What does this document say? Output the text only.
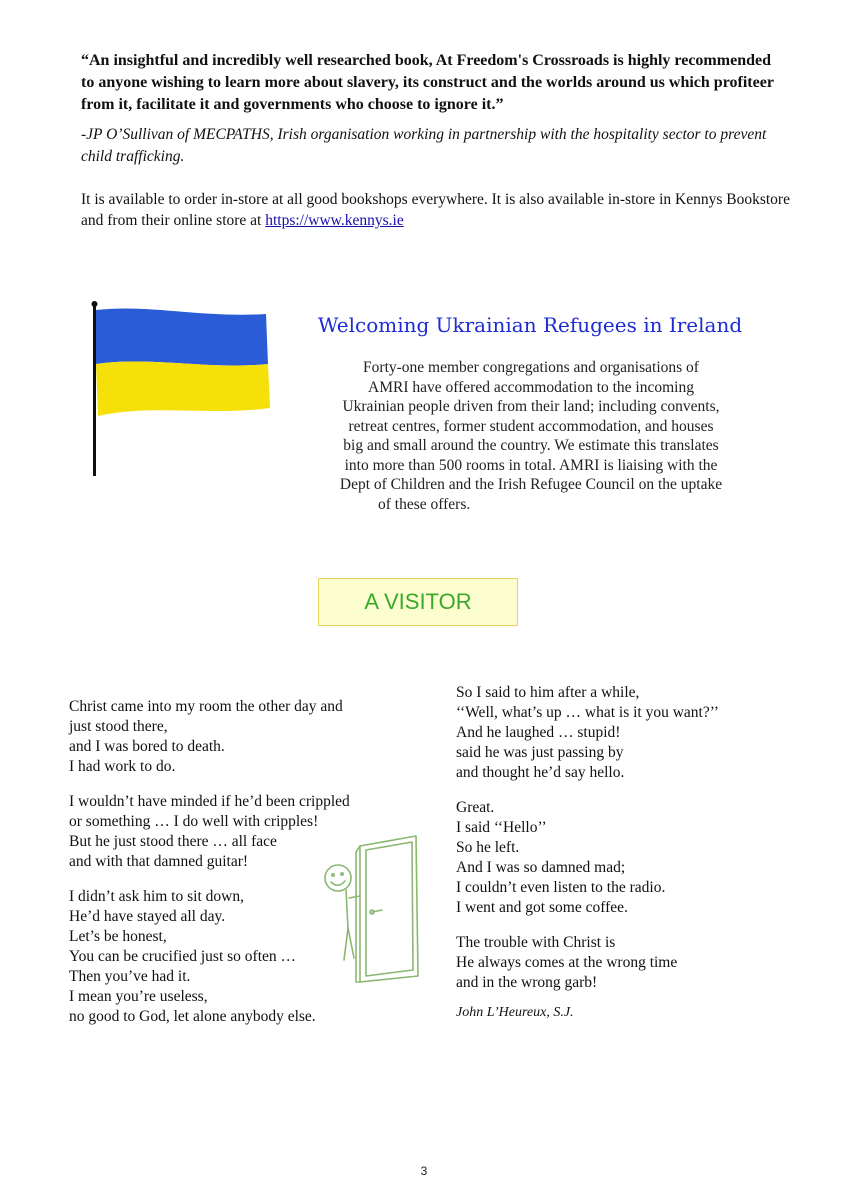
“An insightful and incredibly well researched book, At Freedom's Crossroads is highly recommended to anyone wishing to learn more about slavery, its construct and the worlds around us which profiteer from it, facilitate it and governments who choose to ignore it.”
-JP O’Sullivan of MECPATHS, Irish organisation working in partnership with the hospitality sector to prevent child trafficking.
It is available to order in-store at all good bookshops everywhere. It is also available in-store in Kennys Bookstore and from their online store at https://www.kennys.ie
Welcoming Ukrainian Refugees in Ireland
Forty-one member congregations and organisations of
AMRI have offered accommodation to the incoming
Ukrainian people driven from their land; including convents,
retreat centres, former student accommodation, and houses
big and small around the country. We estimate this translates
into more than 500 rooms in total. AMRI is liaising with the
Dept of Children and the Irish Refugee Council on the uptake
of these offers.
A VISITOR
Christ came into my room the other day and
just stood there,
and I was bored to death.
I had work to do.
I wouldn’t have minded if he’d been crippled
or something … I do well with cripples!
But he just stood there … all face
and with that damned guitar!
I didn’t ask him to sit down,
He’d have stayed all day.
Let’s be honest,
You can be crucified just so often …
Then you’ve had it.
I mean you’re useless,
no good to God, let alone anybody else.
So I said to him after a while,
‘‘Well, what’s up … what is it you want?’’
And he laughed … stupid!
said he was just passing by
and thought he’d say hello.
Great.
I said ‘‘Hello’’
So he left.
And I was so damned mad;
I couldn’t even listen to the radio.
I went and got some coffee.
The trouble with Christ is
He always comes at the wrong time
and in the wrong garb!
John L’Heureux, S.J.
3
